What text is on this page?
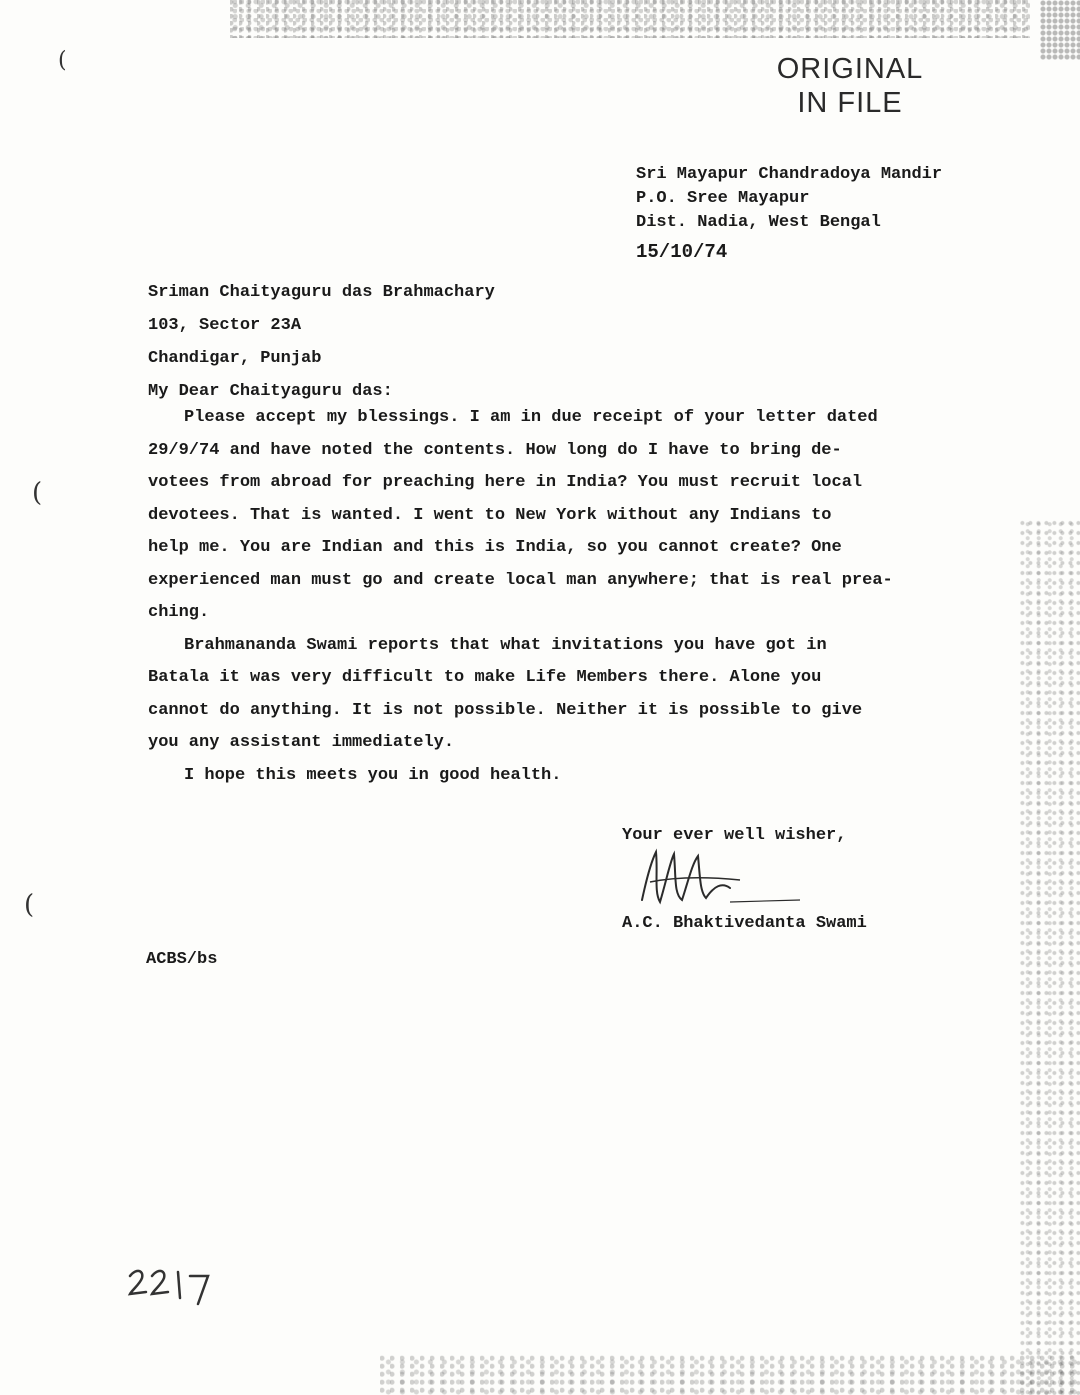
(
(
(
ORIGINAL
IN FILE
Sri Mayapur Chandradoya Mandir
P.O. Sree Mayapur
Dist. Nadia, West Bengal
15/10/74
Sriman Chaityaguru das Brahmachary
103, Sector 23A
Chandigar, Punjab
My Dear Chaityaguru das:
Please accept my blessings. I am in due receipt of your letter dated
29/9/74 and have noted the contents. How long do I have to bring de-
votees from abroad for preaching here in India? You must recruit local
devotees. That is wanted. I went to New York without any Indians to
help me. You are Indian and this is India, so you cannot create? One
experienced man must go and create local man anywhere; that is real prea-
ching.
Brahmananda Swami reports that what invitations you have got in
Batala it was very difficult to make Life Members there. Alone you
cannot do anything. It is not possible. Neither it is possible to give
you any assistant immediately.
I hope this meets you in good health.
Your ever well wisher,
A.C. Bhaktivedanta Swami
ACBS/bs
